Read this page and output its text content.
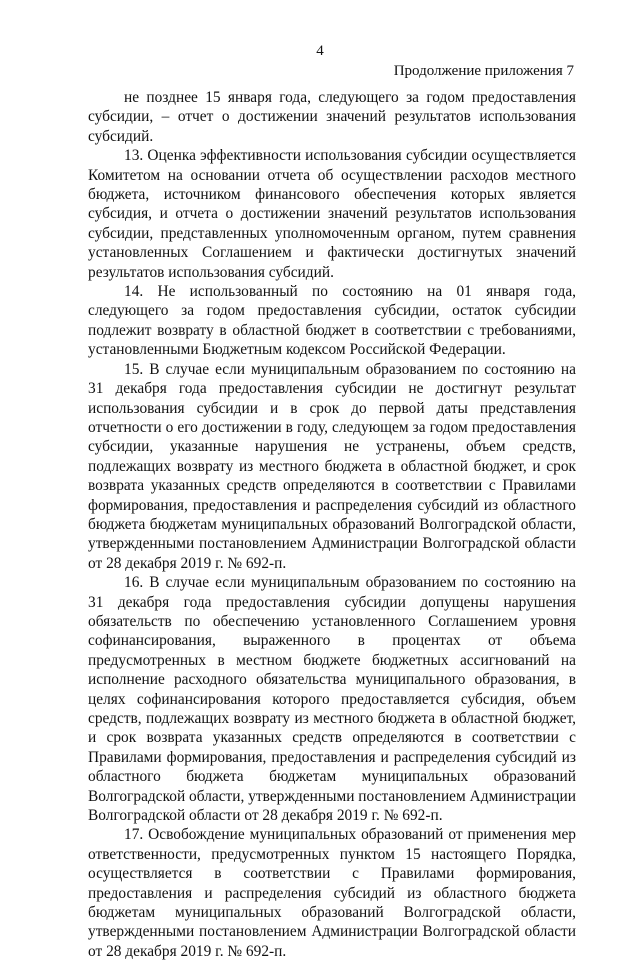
4
Продолжение приложения 7

не позднее 15 января года, следующего за годом предоставления субсидии, – отчет о достижении значений результатов использования субсидий.

13. Оценка эффективности использования субсидии осуществляется Комитетом на основании отчета об осуществлении расходов местного бюджета, источником финансового обеспечения которых является субсидия, и отчета о достижении значений результатов использования субсидии, представленных уполномоченным органом, путем сравнения установленных Соглашением и фактически достигнутых значений результатов использования субсидий.

14. Не использованный по состоянию на 01 января года, следующего за годом предоставления субсидии, остаток субсидии подлежит возврату в областной бюджет в соответствии с требованиями, установленными Бюджетным кодексом Российской Федерации.

15. В случае если муниципальным образованием по состоянию на 31 декабря года предоставления субсидии не достигнут результат использования субсидии и в срок до первой даты представления отчетности о его достижении в году, следующем за годом предоставления субсидии, указанные нарушения не устранены, объем средств, подлежащих возврату из местного бюджета в областной бюджет, и срок возврата указанных средств определяются в соответствии с Правилами формирования, предоставления и распределения субсидий из областного бюджета бюджетам муниципальных образований Волгоградской области, утвержденными постановлением Администрации Волгоградской области от 28 декабря 2019 г. № 692-п.

16. В случае если муниципальным образованием по состоянию на 31 декабря года предоставления субсидии допущены нарушения обязательств по обеспечению установленного Соглашением уровня софинансирования, выраженного в процентах от объема предусмотренных в местном бюджете бюджетных ассигнований на исполнение расходного обязательства муниципального образования, в целях софинансирования которого предоставляется субсидия, объем средств, подлежащих возврату из местного бюджета в областной бюджет, и срок возврата указанных средств определяются в соответствии с Правилами формирования, предоставления и распределения субсидий из областного бюджета бюджетам муниципальных образований Волгоградской области, утвержденными постановлением Администрации Волгоградской области от 28 декабря 2019 г. № 692-п.

17. Освобождение муниципальных образований от применения мер ответственности, предусмотренных пунктом 15 настоящего Порядка, осуществляется в соответствии с Правилами формирования, предоставления и распределения субсидий из областного бюджета бюджетам муниципальных образований Волгоградской области, утвержденными постановлением Администрации Волгоградской области от 28 декабря 2019 г. № 692-п.
